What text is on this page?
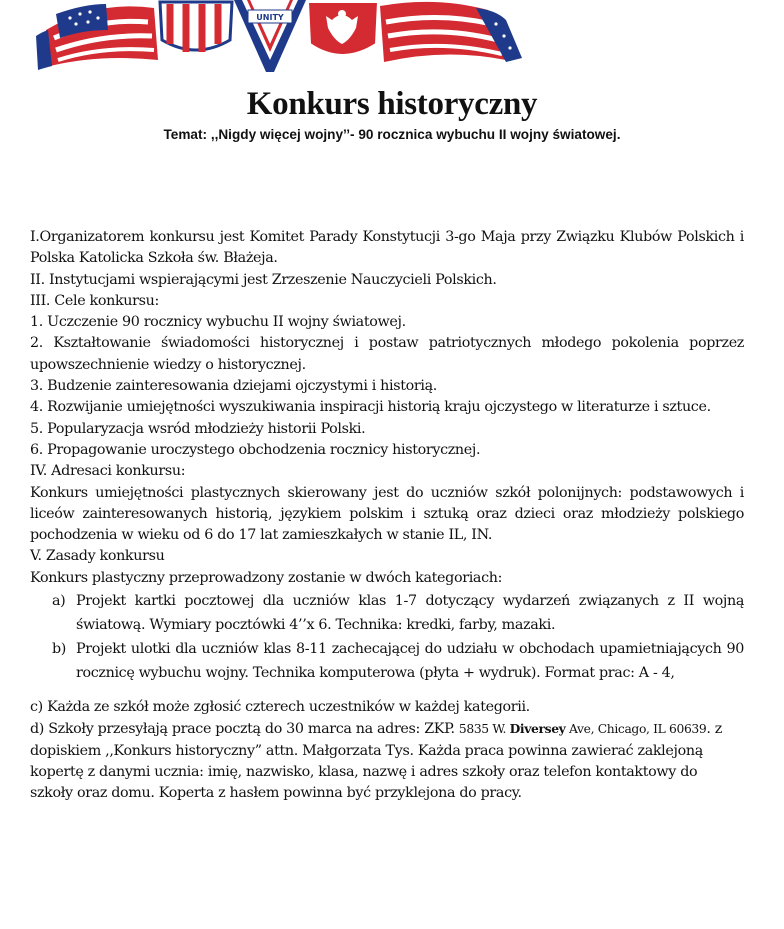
UNITY
Konkurs historyczny
Temat: ,,Nigdy więcej wojny’’- 90 rocznica wybuchu II wojny światowej.

I.Organizatorem konkursu jest Komitet Parady Konstytucji 3-go Maja przy Związku Klubów Polskich i Polska Katolicka Szkoła św. Błażeja.

II. Instytucjami wspierającymi jest Zrzeszenie Nauczycieli Polskich.

III. Cele konkursu:

1. Uczczenie 90 rocznicy wybuchu II wojny światowej.

2. Kształtowanie świadomości historycznej i postaw patriotycznych młodego pokolenia poprzez upowszechnienie wiedzy o historycznej.

3. Budzenie zainteresowania dziejami ojczystymi i historią.

4. Rozwijanie umiejętności wyszukiwania inspiracji historią kraju ojczystego w literaturze i sztuce.

5. Popularyzacja wsród młodzieży historii Polski.

6. Propagowanie uroczystego obchodzenia rocznicy historycznej.

IV. Adresaci konkursu:

Konkurs umiejętności plastycznych skierowany jest do uczniów szkół polonijnych: podstawowych i liceów zainteresowanych historią, językiem polskim i sztuką oraz dzieci oraz młodzieży polskiego pochodzenia w wieku od 6 do 17 lat zamieszkałych w stanie IL, IN.

V. Zasady konkursu

Konkurs plastyczny przeprowadzony zostanie w dwóch kategoriach:

a) Projekt kartki pocztowej dla uczniów klas 1-7 dotyczący wydarzeń związanych z II wojną światową. Wymiary pocztówki 4’’x 6. Technika: kredki, farby, mazaki.
b) Projekt ulotki dla uczniów klas 8-11 zachecającej do udziału w obchodach upamietniających 90 rocznicę wybuchu wojny. Technika komputerowa (płyta + wydruk). Format prac: A - 4,

c) Każda ze szkół może zgłosić czterech uczestników w każdej kategorii.

d) Szkoły przesyłają prace pocztą do 30 marca na adres: ZKP. 5835 W. Diversey Ave, Chicago, IL 60639. z dopiskiem ,,Konkurs historyczny” attn. Małgorzata Tys. Każda praca powinna zawierać zaklejoną kopertę z danymi ucznia: imię, nazwisko, klasa, nazwę i adres szkoły oraz telefon kontaktowy do szkoły oraz domu. Koperta z hasłem powinna być przyklejona do pracy.
